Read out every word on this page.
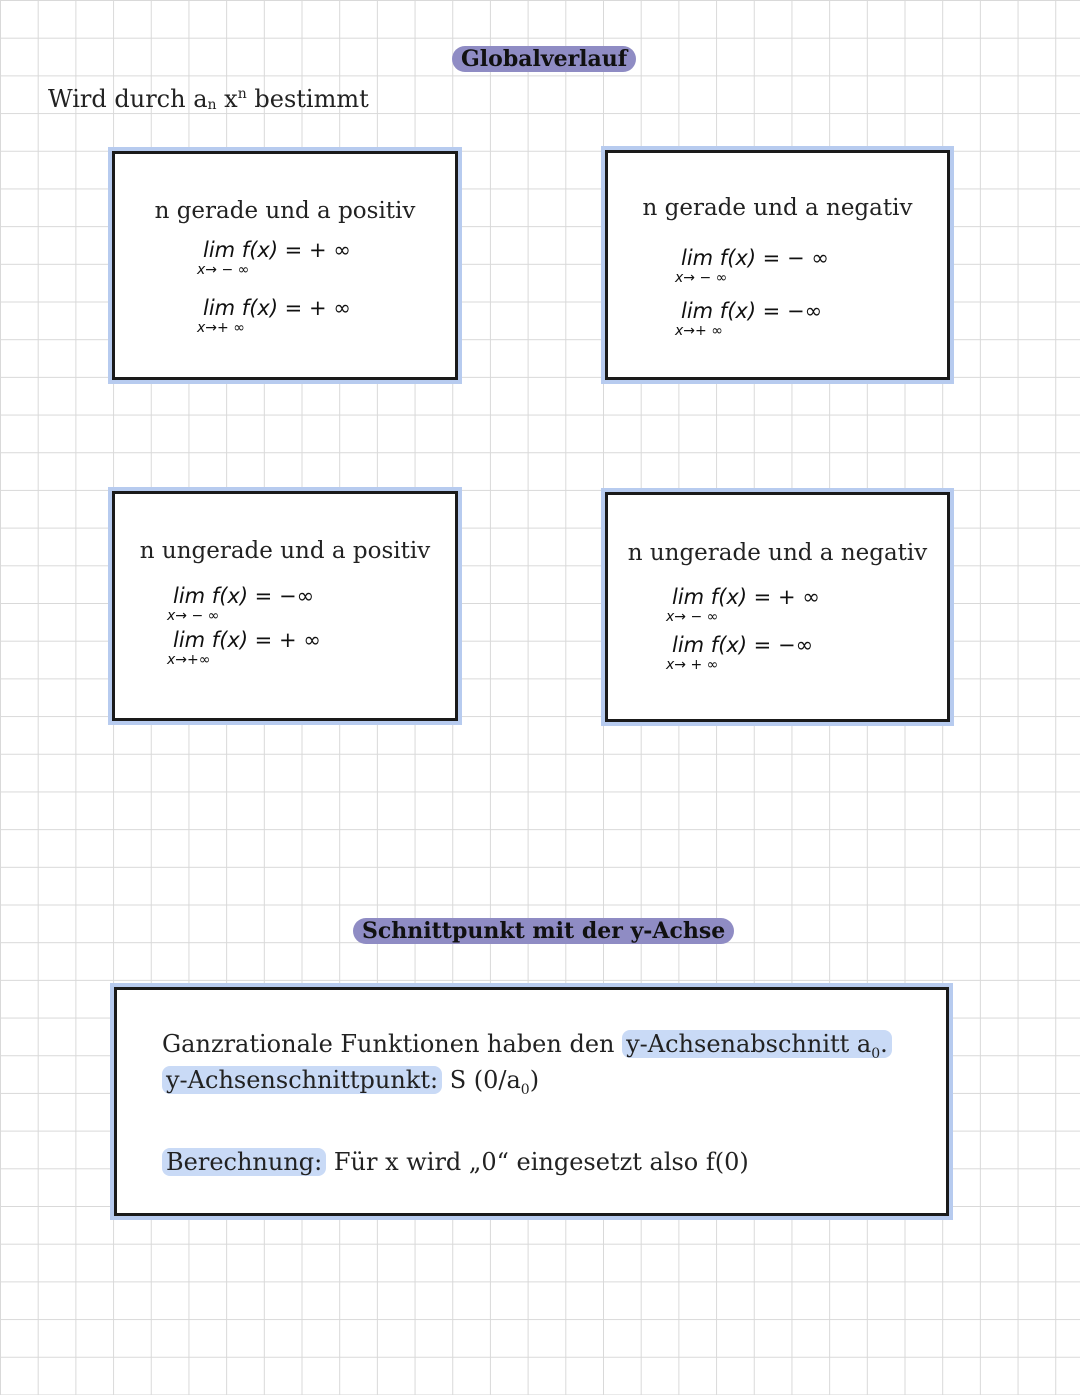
Globalverlauf
Wird durch $a_n$ $x^n$ bestimmt
n gerade und a positiv
lim f(x) = + ∞
x→ − ∞
lim f(x) = + ∞
x→+ ∞
n gerade und a negativ
lim f(x) = − ∞
x→ − ∞
lim f(x) = −∞
x→+ ∞
n ungerade und a positiv
lim f(x) = −∞
x→ − ∞
lim f(x) = + ∞
x→+∞
n ungerade und a negativ
lim f(x) = + ∞
x→ − ∞
lim f(x) = −∞
x→ + ∞
Schnittpunkt mit der y-Achse
Ganzrationale Funktionen haben den y-Achsenabschnitt $a_0$.
y-Achsenschnittpunkt: S $(0/a_0)$
Berechnung: Für x wird „0“ eingesetzt also f(0)
